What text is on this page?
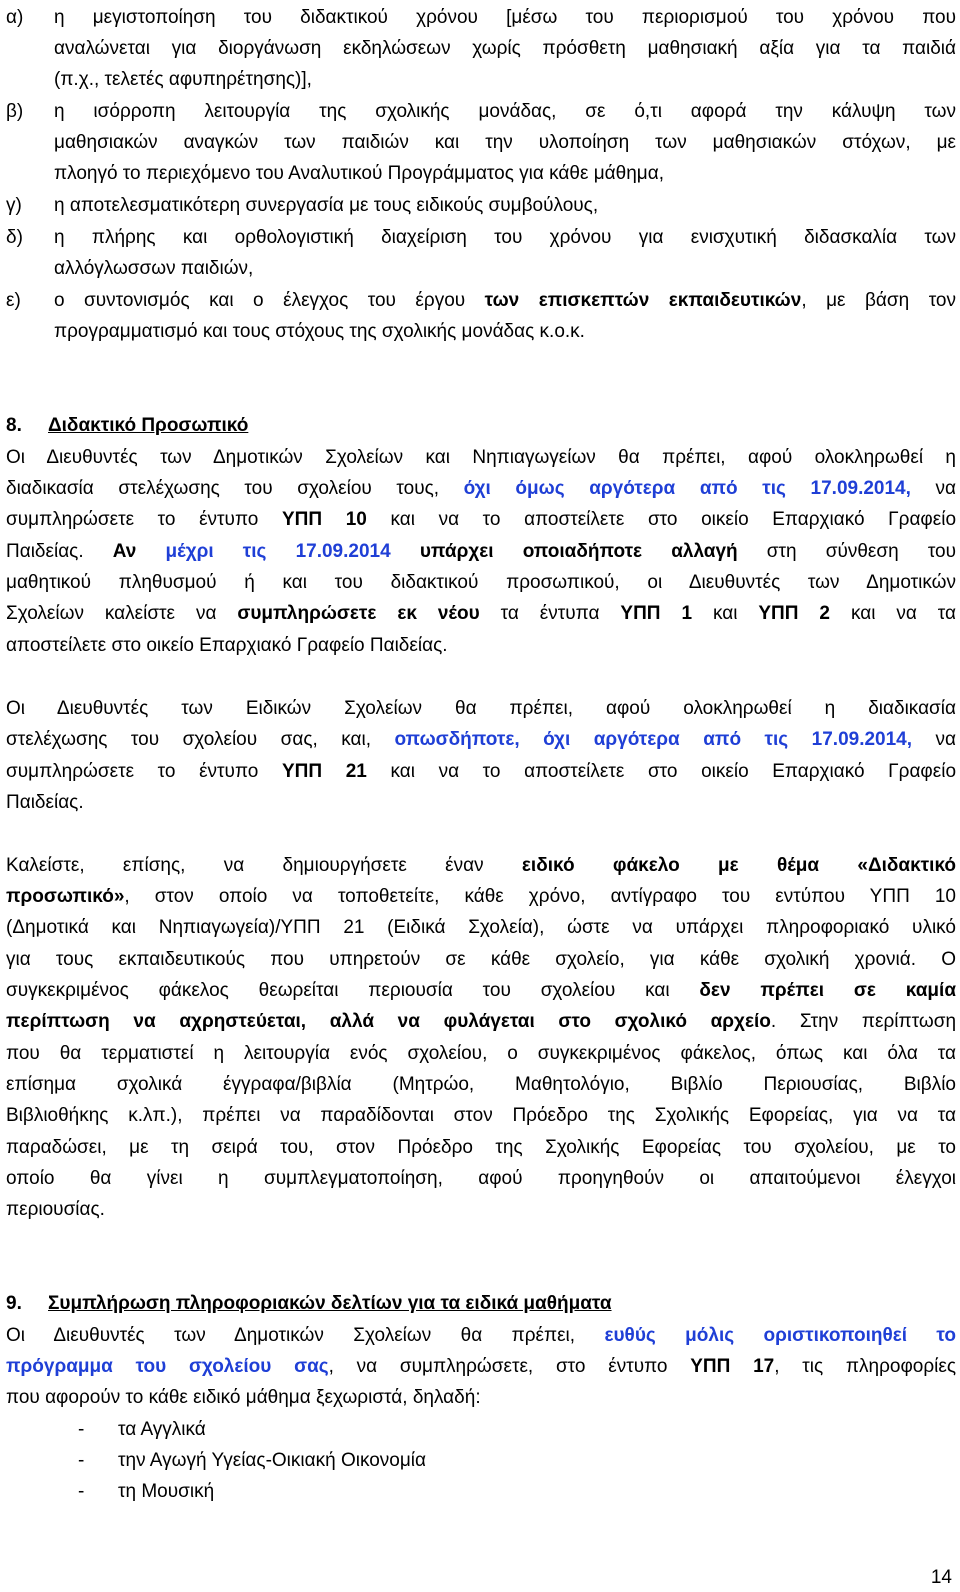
α)	η μεγιστοποίηση του διδακτικού χρόνου [μέσω του περιορισμού του χρόνου που
αναλώνεται για διοργάνωση εκδηλώσεων χωρίς πρόσθετη μαθησιακή αξία για τα παιδιά
(π.χ., τελετές αφυπηρέτησης)],
β)	η ισόρροπη λειτουργία της σχολικής μονάδας, σε ό,τι αφορά την κάλυψη των
μαθησιακών αναγκών των παιδιών και την υλοποίηση των μαθησιακών στόχων, με
πλοηγό το περιεχόμενο του Αναλυτικού Προγράμματος για κάθε μάθημα,
γ)	η αποτελεσματικότερη συνεργασία με τους ειδικούς συμβούλους,
δ)	η πλήρης και ορθολογιστική διαχείριση του χρόνου για ενισχυτική διδασκαλία των
αλλόγλωσσων παιδιών,
ε)	ο συντονισμός και ο έλεγχος του έργου των επισκεπτών εκπαιδευτικών, με βάση τον
προγραμματισμό και τους στόχους της σχολικής μονάδας κ.ο.κ.
8. Διδακτικό Προσωπικό
Οι Διευθυντές των Δημοτικών Σχολείων και Νηπιαγωγείων θα πρέπει, αφού ολοκληρωθεί η
διαδικασία στελέχωσης του σχολείου τους, όχι όμως αργότερα από τις 17.09.2014, να
συμπληρώσετε το έντυπο ΥΠΠ 10 και να το αποστείλετε στο οικείο Επαρχιακό Γραφείο
Παιδείας. Αν μέχρι τις 17.09.2014 υπάρχει οποιαδήποτε αλλαγή στη σύνθεση του
μαθητικού πληθυσμού ή και του διδακτικού προσωπικού, οι Διευθυντές των Δημοτικών
Σχολείων καλείστε να συμπληρώσετε εκ νέου τα έντυπα ΥΠΠ 1 και ΥΠΠ 2 και να τα
αποστείλετε στο οικείο Επαρχιακό Γραφείο Παιδείας.
Οι Διευθυντές των Ειδικών Σχολείων θα πρέπει, αφού ολοκληρωθεί η διαδικασία
στελέχωσης του σχολείου σας, και, οπωσδήποτε, όχι αργότερα από τις 17.09.2014, να
συμπληρώσετε το έντυπο ΥΠΠ 21 και να το αποστείλετε στο οικείο Επαρχιακό Γραφείο
Παιδείας.
Καλείστε, επίσης, να δημιουργήσετε έναν ειδικό φάκελο με θέμα «Διδακτικό
προσωπικό», στον οποίο να τοποθετείτε, κάθε χρόνο, αντίγραφο του εντύπου ΥΠΠ 10
(Δημοτικά και Νηπιαγωγεία)/ΥΠΠ 21 (Ειδικά Σχολεία), ώστε να υπάρχει πληροφοριακό υλικό
για τους εκπαιδευτικούς που υπηρετούν σε κάθε σχολείο, για κάθε σχολική χρονιά. Ο
συγκεκριμένος φάκελος θεωρείται περιουσία του σχολείου και δεν πρέπει σε καμία
περίπτωση να αχρηστεύεται, αλλά να φυλάγεται στο σχολικό αρχείο. Στην περίπτωση
που θα τερματιστεί η λειτουργία ενός σχολείου, ο συγκεκριμένος φάκελος, όπως και όλα τα
επίσημα σχολικά έγγραφα/βιβλία (Μητρώο, Μαθητολόγιο, Βιβλίο Περιουσίας, Βιβλίο
Βιβλιοθήκης κ.λπ.), πρέπει να παραδίδονται στον Πρόεδρο της Σχολικής Εφορείας, για να τα
παραδώσει, με τη σειρά του, στον Πρόεδρο της Σχολικής Εφορείας του σχολείου, με το
οποίο θα γίνει η συμπλεγματοποίηση, αφού προηγηθούν οι απαιτούμενοι έλεγχοι
περιουσίας.
9. Συμπλήρωση πληροφοριακών δελτίων για τα ειδικά μαθήματα
Οι Διευθυντές των Δημοτικών Σχολείων θα πρέπει, ευθύς μόλις οριστικοποιηθεί το
πρόγραμμα του σχολείου σας, να συμπληρώσετε, στο έντυπο ΥΠΠ 17, τις πληροφορίες
που αφορούν το κάθε ειδικό μάθημα ξεχωριστά, δηλαδή:
- τα Αγγλικά
- την Αγωγή Υγείας-Οικιακή Οικονομία
- τη Μουσική
14
